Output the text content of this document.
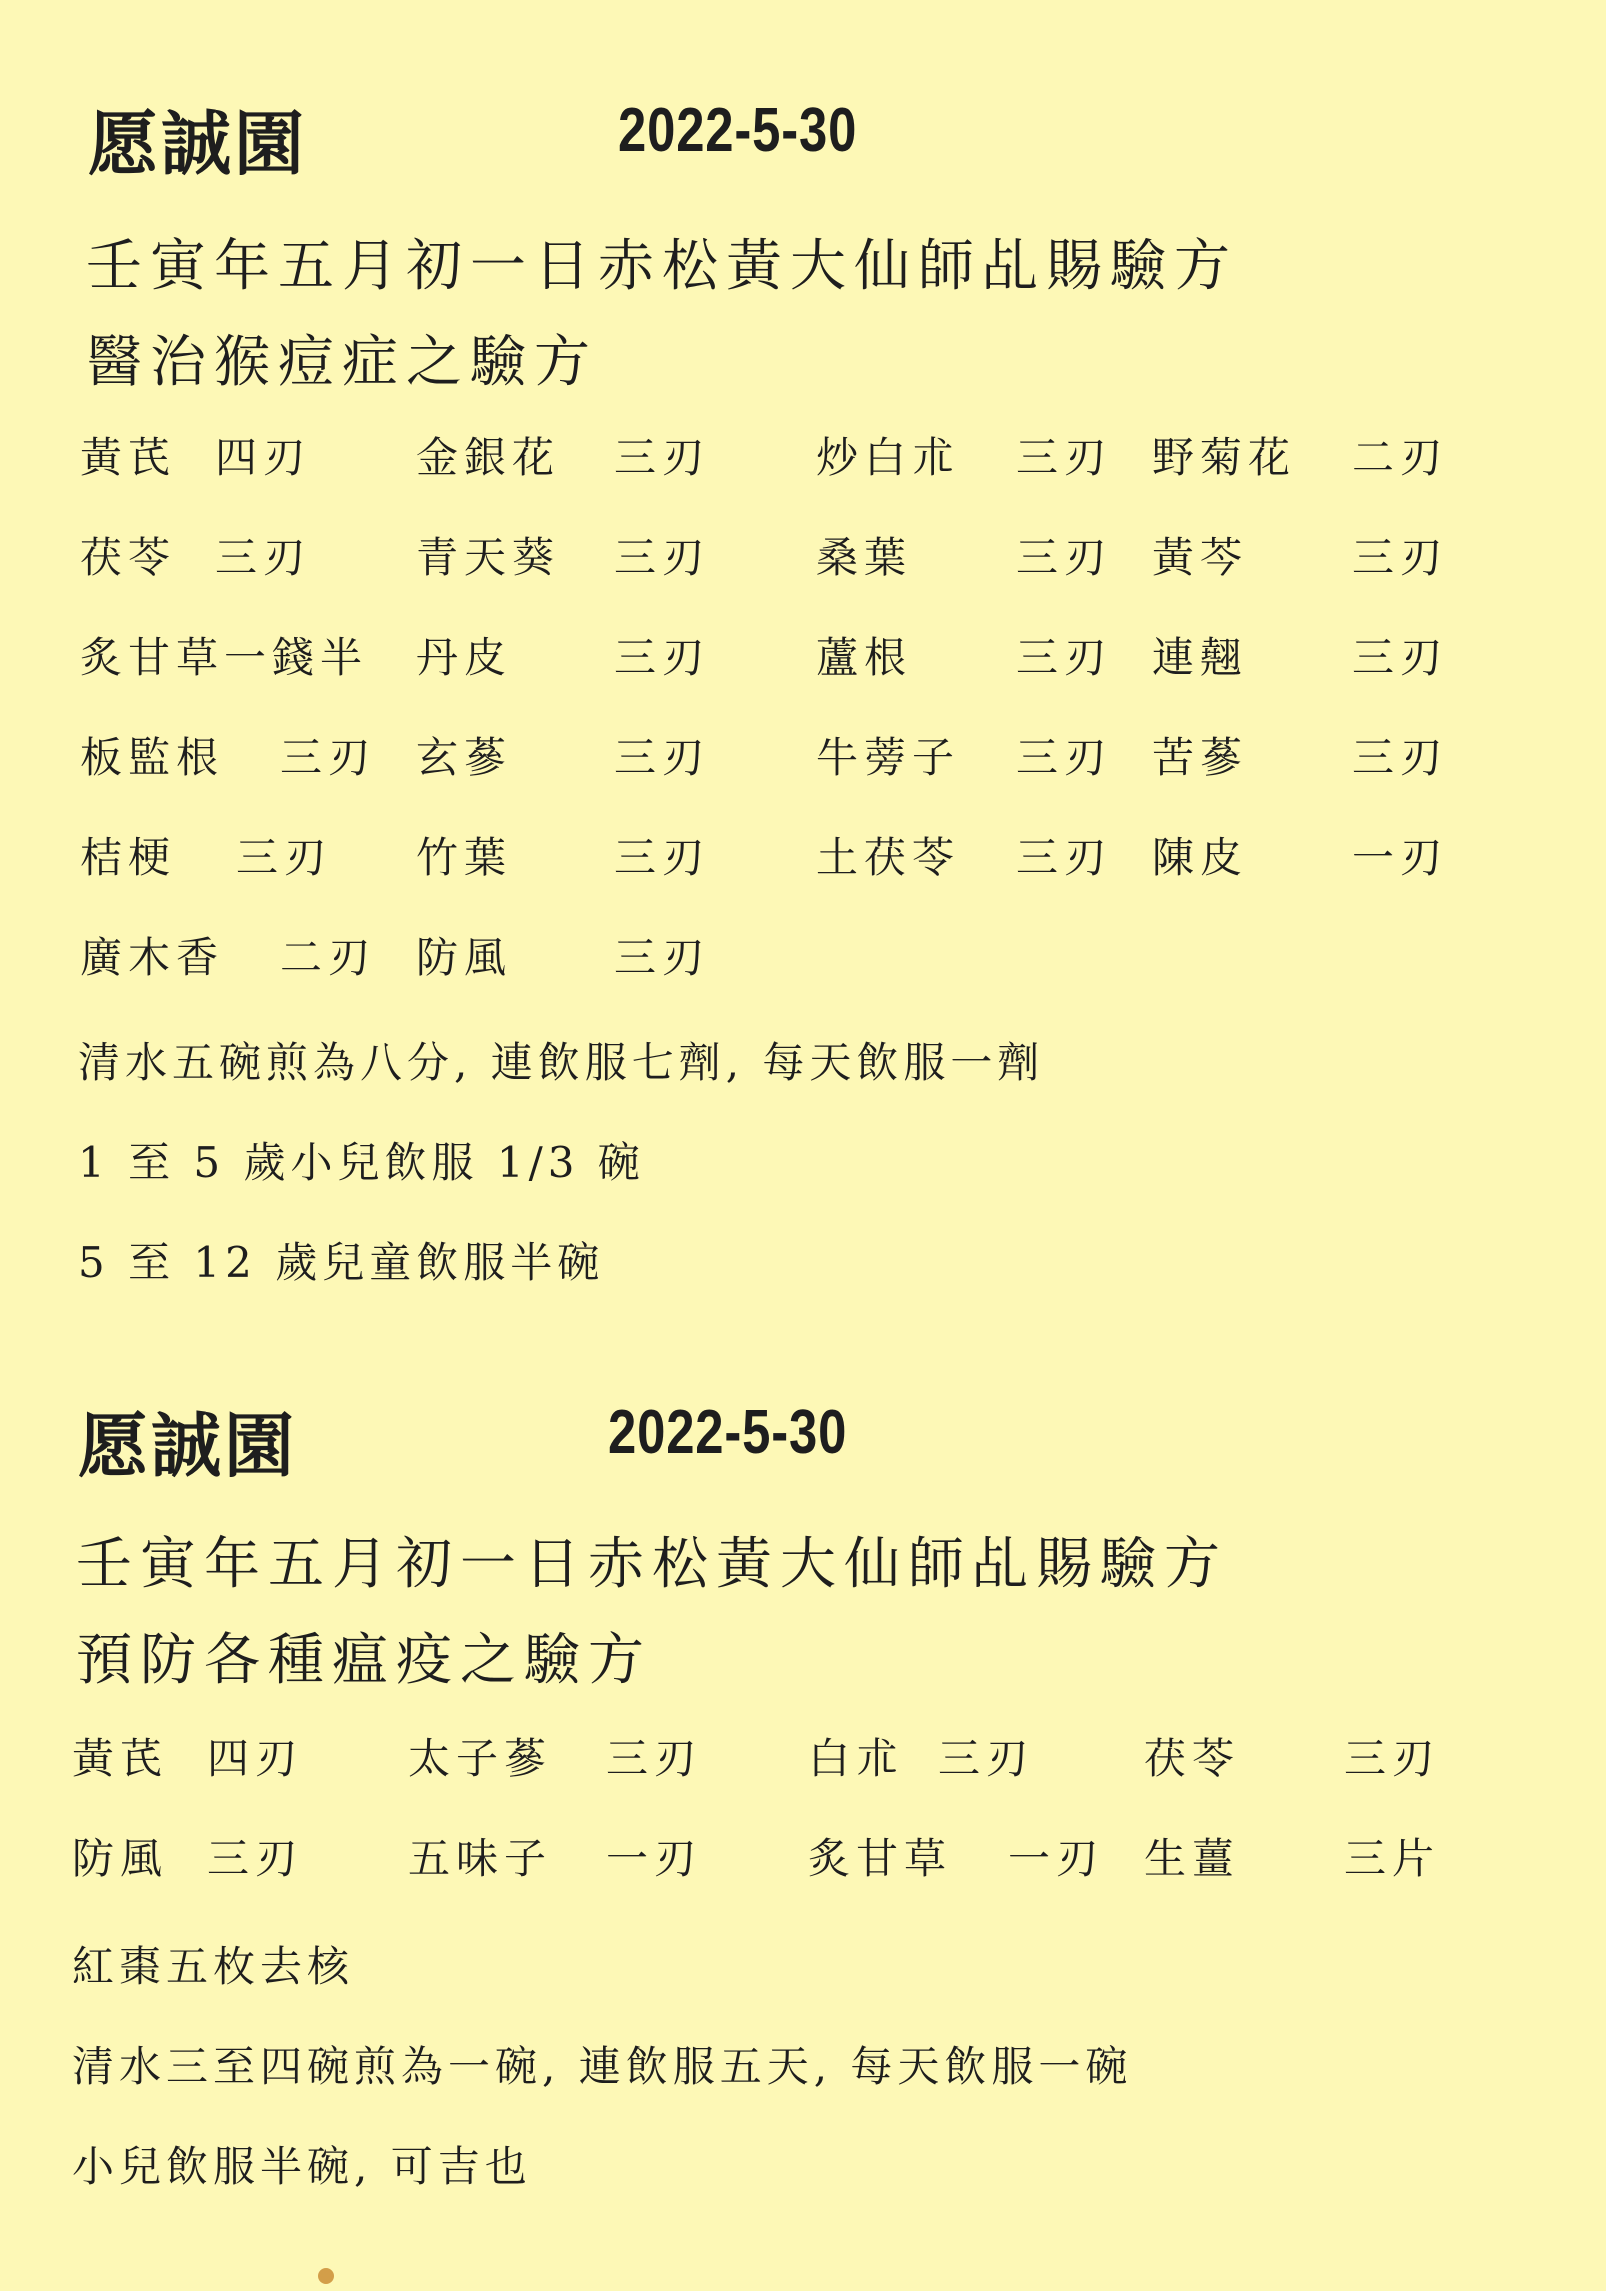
愿誠園	2022-5-30
壬寅年五月初一日赤松黃大仙師乩賜驗方
醫治猴痘症之驗方
黃芪 四刃 金銀花 三刃	炒白朮 三刃 野菊花 二刃
茯苓 三刃 青天葵 三刃	桑葉 三刃 黃芩 三刃
炙甘草一錢半 丹皮 三刃	蘆根 三刃 連翹 三刃
板監根 三刃 玄蔘 三刃	牛蒡子 三刃 苦蔘 三刃
桔梗 三刃 竹葉 三刃	土茯苓 三刃 陳皮 一刃
廣木香 二刃 防風 三刃
清水五碗煎為八分, 連飲服七劑, 每天飲服一劑
1 至 5 歲小兒飲服 1/3 碗
5 至 12 歲兒童飲服半碗
愿誠園	2022-5-30
壬寅年五月初一日赤松黃大仙師乩賜驗方
預防各種瘟疫之驗方
黃芪 四刃 太子蔘 三刃	白朮 三刃	茯苓 三刃
防風 三刃 五味子 一刃	炙甘草 一刃 生薑 三片
紅棗五枚去核
清水三至四碗煎為一碗, 連飲服五天, 每天飲服一碗
小兒飲服半碗, 可吉也
